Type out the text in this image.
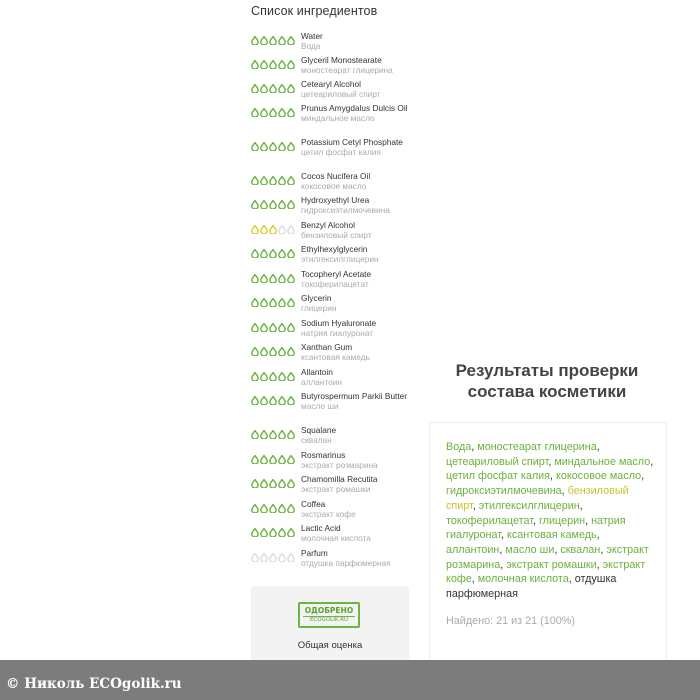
Список ингредиентов
Water
Вода
Glyceril Monostearate
моностеарат глицерина
Cetearyl Alcohol
цетеариловый спирт
Prunus Amygdalus Dulcis Oil
миндальное масло
Potassium Cetyl Phosphate
цетил фосфат калия
Cocos Nucifera Oil
кокосовое масло
Hydroxyethyl Urea
гидроксиэтилмочевина
Benzyl Alcohol
бензиловый спирт
Ethylhexylglycerin
этилгексилглицерин
Tocopheryl Acetate
токоферилацетат
Glycerin
глицерин
Sodium Hyaluronate
натрия гиалуронат
Xanthan Gum
ксантовая камедь
Allantoin
аллантоин
Butyrospermum Parkii Butter
масло ши
Squalane
сквалан
Rosmarinus
экстракт розмарина
Chamomilla Recutita
экстракт ромашки
Coffea
экстракт кофе
Lactic Acid
молочная кислота
Parfum
отдушка парфюмерная
ОДОБРЕНО
ECOGOLIK.RU
Общая оценка
Результаты проверки состава косметики
Вода, моностеарат глицерина, цетеариловый спирт, миндальное масло, цетил фосфат калия, кокосовое масло, гидроксиэтилмочевина, бензиловый спирт, этилгексилглицерин, токоферилацетат, глицерин, натрия гиалуронат, ксантовая камедь, аллантоин, масло ши, сквалан, экстракт розмарина, экстракт ромашки, экстракт кофе, молочная кислота, отдушка парфюмерная
Найдено: 21 из 21 (100%)
© Николь ECOgolik.ru
